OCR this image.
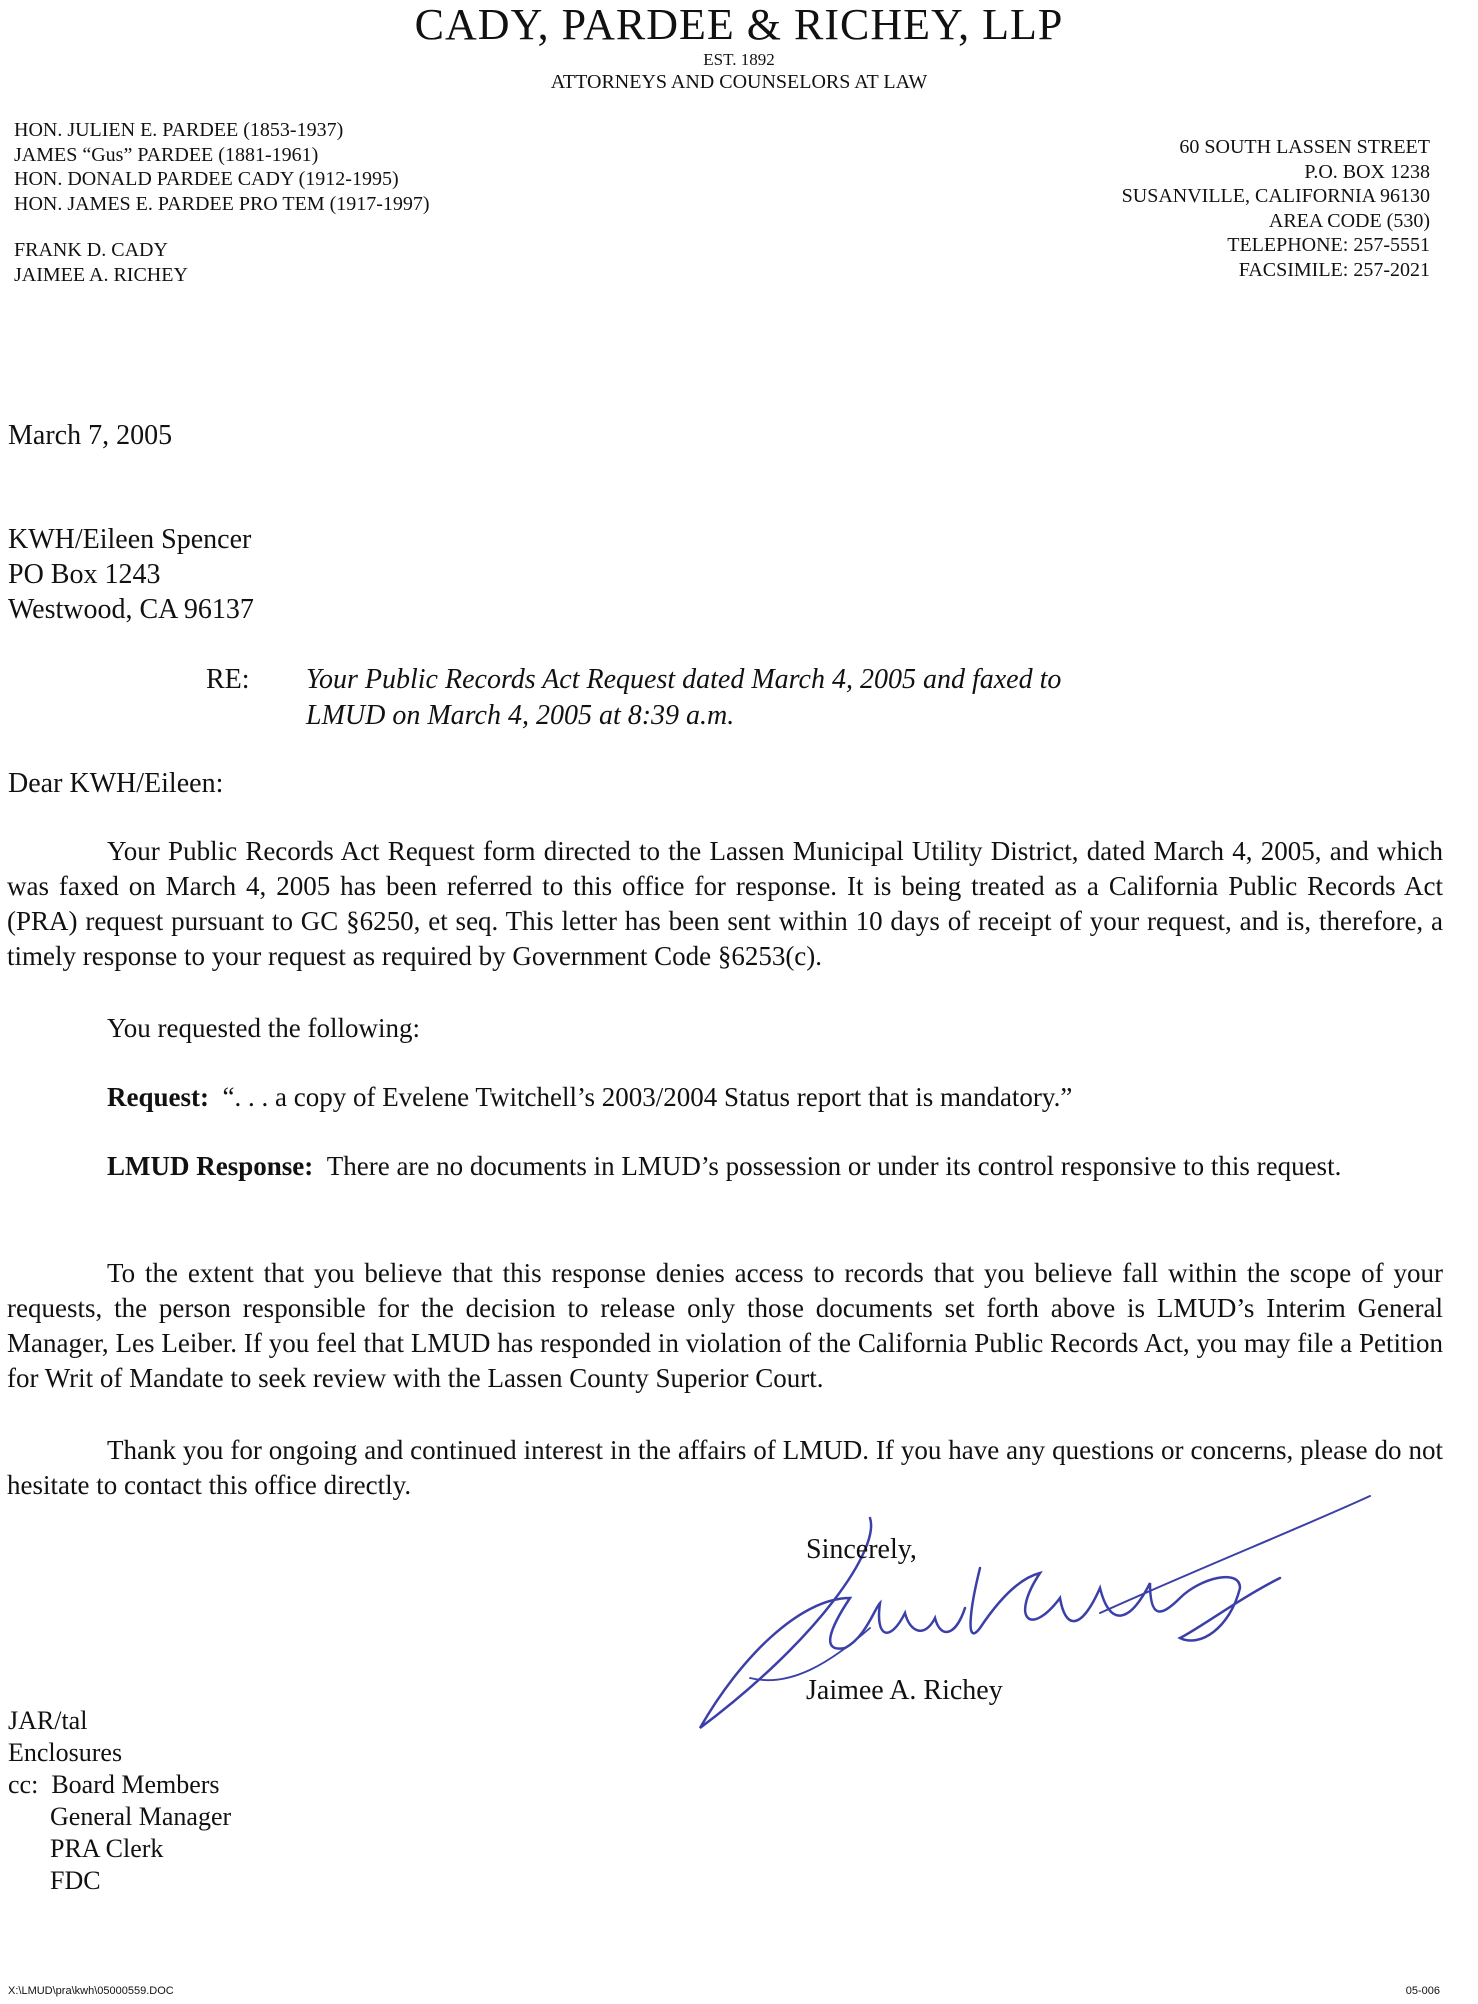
CADY, PARDEE & RICHEY, LLP
EST. 1892
ATTORNEYS AND COUNSELORS AT LAW
HON. JULIEN E. PARDEE (1853-1937)
JAMES “Gus” PARDEE (1881-1961)
HON. DONALD PARDEE CADY (1912-1995)
HON. JAMES E. PARDEE PRO TEM (1917-1997)
FRANK D. CADY
JAIMEE A. RICHEY
60 SOUTH LASSEN STREET
P.O. BOX 1238
SUSANVILLE, CALIFORNIA 96130
AREA CODE (530)
TELEPHONE: 257-5551
FACSIMILE: 257-2021
March 7, 2005
KWH/Eileen Spencer
PO Box 1243
Westwood, CA 96137
RE: Your Public Records Act Request dated March 4, 2005 and faxed to
LMUD on March 4, 2005 at 8:39 a.m.
Dear KWH/Eileen:
Your Public Records Act Request form directed to the Lassen Municipal Utility District, dated March 4, 2005, and which was faxed on March 4, 2005 has been referred to this office for response. It is being treated as a California Public Records Act (PRA) request pursuant to GC §6250, et seq. This letter has been sent within 10 days of receipt of your request, and is, therefore, a timely response to your request as required by Government Code §6253(c).
You requested the following:
Request: “. . . a copy of Evelene Twitchell’s 2003/2004 Status report that is mandatory.”
LMUD Response: There are no documents in LMUD’s possession or under its control responsive to this request.
To the extent that you believe that this response denies access to records that you believe fall within the scope of your requests, the person responsible for the decision to release only those documents set forth above is LMUD’s Interim General Manager, Les Leiber. If you feel that LMUD has responded in violation of the California Public Records Act, you may file a Petition for Writ of Mandate to seek review with the Lassen County Superior Court.
Thank you for ongoing and continued interest in the affairs of LMUD. If you have any questions or concerns, please do not hesitate to contact this office directly.
Sincerely,
Jaimee A. Richey
JAR/tal
Enclosures
cc: Board Members
General Manager
PRA Clerk
FDC
X:\LMUD\pra\kwh\05000559.DOC	05-006
